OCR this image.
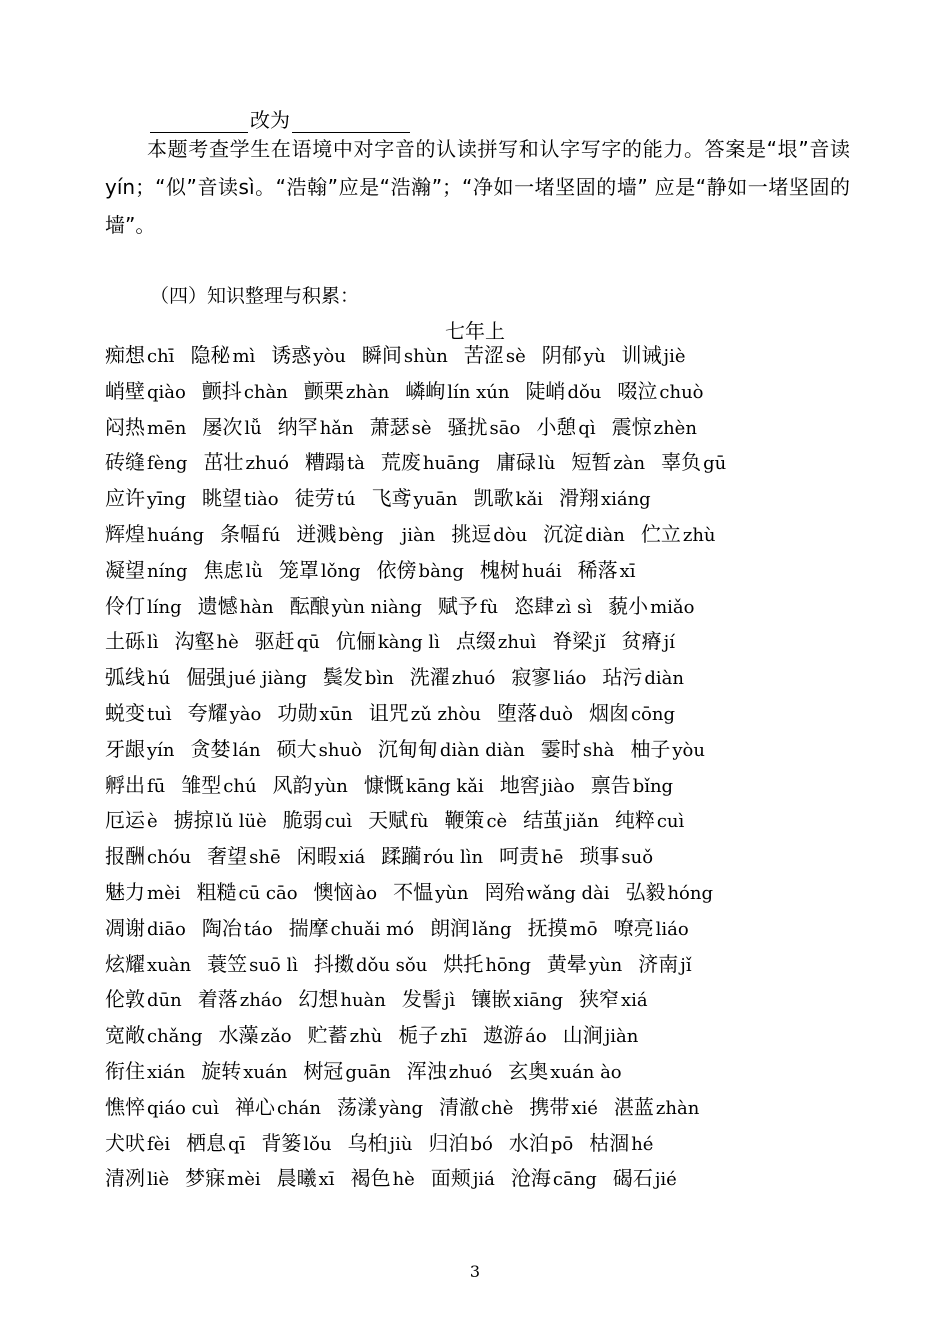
改为
本题考查学生在语境中对字音的认读拼写和认字写字的能力。答案是“垠”音读yín；“似”音读sì。“浩翰”应是“浩瀚”；“净如一堵坚固的墙” 应是“静如一堵坚固的墙”。
（四）知识整理与积累：
七年上
痴想 chī 隐秘 mì 诱惑 yòu 瞬间 shùn 苦涩 sè 阴郁 yù 训诫 jiè
峭壁 qiào 颤抖 chàn 颤栗 zhàn 嶙峋 lín xún 陡峭 dǒu 啜泣 chuò
闷热 mēn 屡次 lǚ 纳罕 hǎn 萧瑟 sè 骚扰 sāo 小憩 qì 震惊 zhèn
砖缝 fèng 茁壮 zhuó 糟蹋 tà 荒废 huāng 庸碌 lù 短暂 zàn 辜负 gū
应许 yīng 眺望 tiào 徒劳 tú 飞鸢 yuān 凯歌 kǎi 滑翔 xiáng
辉煌 huáng 条幅 fú 迸溅 bèng jiàn 挑逗 dòu 沉淀 diàn 伫立 zhù
凝望 níng 焦虑 lǜ 笼罩 lǒng 依傍 bàng 槐树 huái 稀落 xī
伶仃 líng 遗憾 hàn 酝酿 yùn niàng 赋予 fù 恣肆 zì sì 藐小 miǎo
土砾 lì 沟壑 hè 驱赶 qū 伉俪 kàng lì 点缀 zhuì 脊梁 jǐ 贫瘠 jí
弧线 hú 倔强 jué jiàng 鬓发 bìn 洗濯 zhuó 寂寥 liáo 玷污 diàn
蜕变 tuì 夸耀 yào 功勋 xūn 诅咒 zǔ zhòu 堕落 duò 烟囱 cōng
牙龈 yín 贪婪 lán 硕大 shuò 沉甸甸 diàn diàn 霎时 shà 柚子 yòu
孵出 fū 雏型 chú 风韵 yùn 慷慨 kāng kǎi 地窖 jiào 禀告 bǐng
厄运 è 掳掠 lǔ lüè 脆弱 cuì 天赋 fù 鞭策 cè 结茧 jiǎn 纯粹 cuì
报酬 chóu 奢望 shē 闲暇 xiá 蹂躏 róu lìn 呵责 hē 琐事 suǒ
魅力 mèi 粗糙 cū cāo 懊恼 ào 不愠 yùn 罔殆 wǎng dài 弘毅 hóng
凋谢 diāo 陶冶 táo 揣摩 chuǎi mó 朗润 lǎng 抚摸 mō 嘹亮 liáo
炫耀 xuàn 蓑笠 suō lì 抖擞 dǒu sǒu 烘托 hōng 黄晕 yùn 济南 jǐ
伦敦 dūn 着落 zháo 幻想 huàn 发髻 jì 镶嵌 xiāng 狭窄 xiá
宽敞 chǎng 水藻 zǎo 贮蓄 zhù 栀子 zhī 遨游 áo 山涧 jiàn
衔住 xián 旋转 xuán 树冠 guān 浑浊 zhuó 玄奥 xuán ào
憔悴 qiáo cuì 禅心 chán 荡漾 yàng 清澈 chè 携带 xié 湛蓝 zhàn
犬吠 fèi 栖息 qī 背篓 lǒu 乌桕 jiù 归泊 bó 水泊 pō 枯涸 hé
清冽 liè 梦寐 mèi 晨曦 xī 褐色 hè 面颊 jiá 沧海 cāng 碣石 jié
3
